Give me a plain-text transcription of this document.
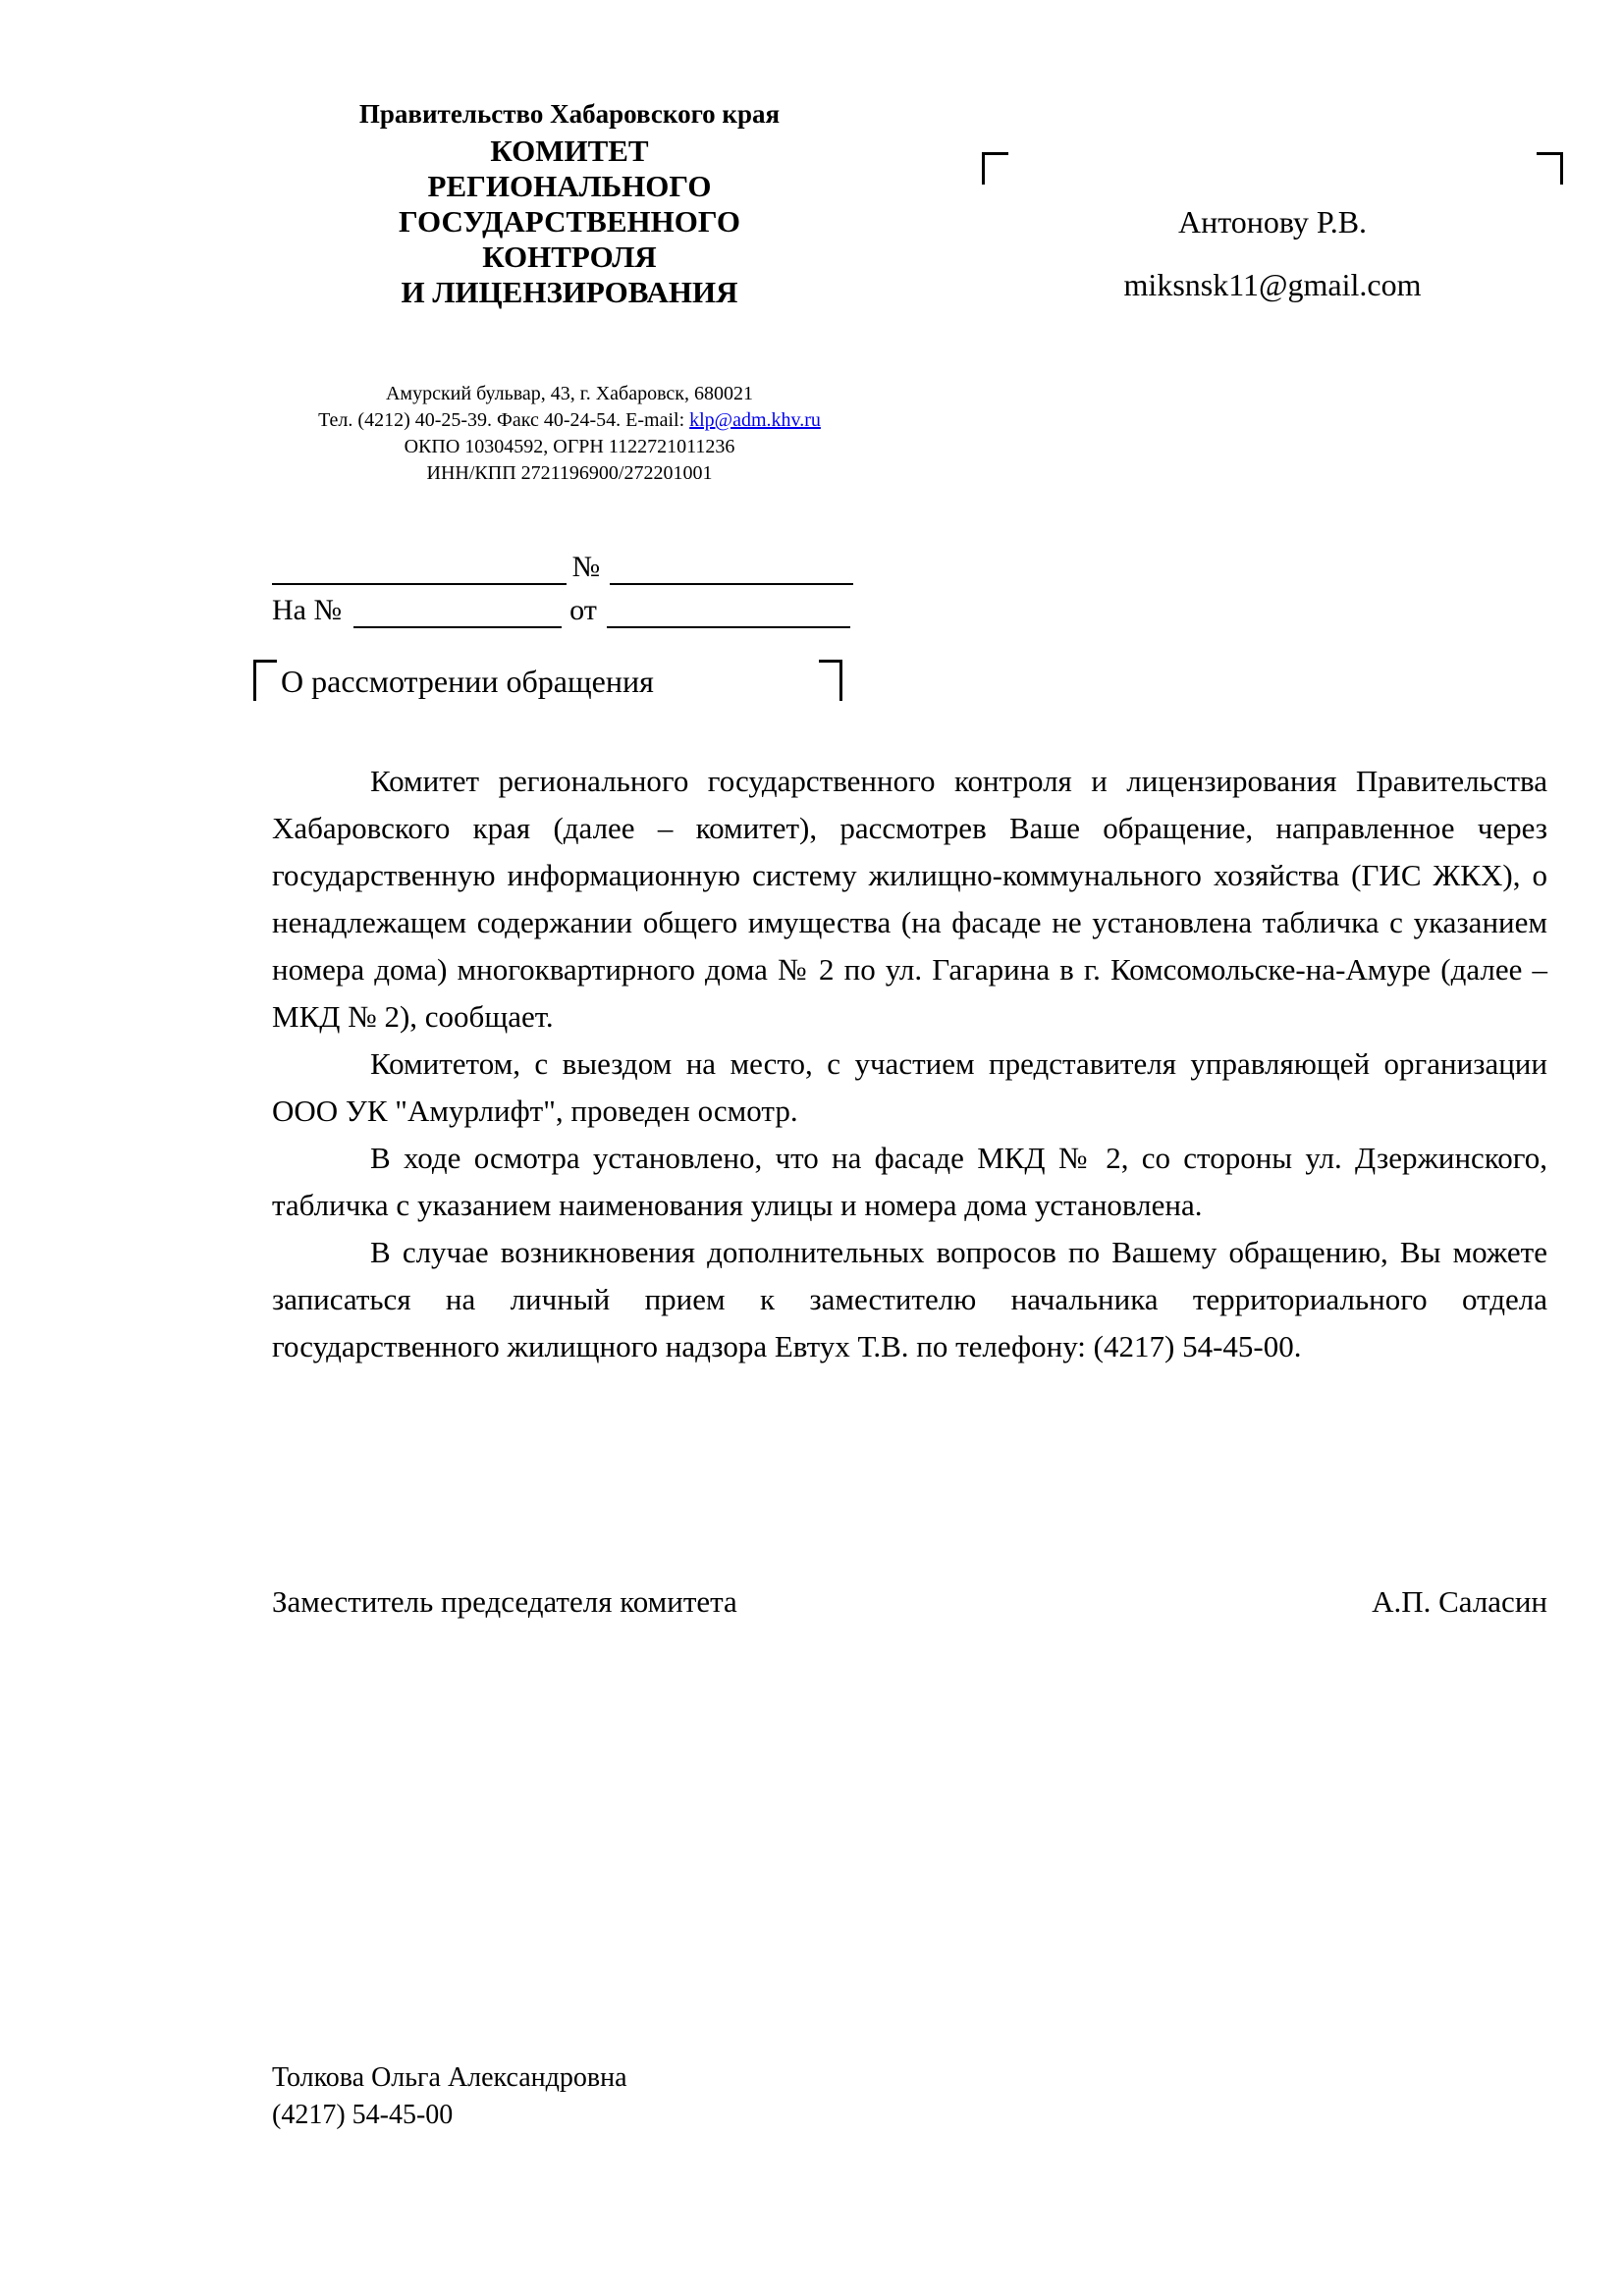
Правительство Хабаровского края
КОМИТЕТ
РЕГИОНАЛЬНОГО
ГОСУДАРСТВЕННОГО
КОНТРОЛЯ
И ЛИЦЕНЗИРОВАНИЯ
Амурский бульвар, 43, г. Хабаровск, 680021
Тел. (4212) 40-25-39. Факс 40-24-54. E-mail: klp@adm.khv.ru
ОКПО 10304592, ОГРН 1122721011236
ИНН/КПП 2721196900/272201001
Антонову Р.В.
miksnsk11@gmail.com
№
На №	от
О рассмотрении обращения

Комитет регионального государственного контроля и лицензирования Правительства Хабаровского края (далее – комитет), рассмотрев Ваше обращение, направленное через государственную информационную систему жилищно-коммунального хозяйства (ГИС ЖКХ), о ненадлежащем содержании общего имущества (на фасаде не установлена табличка с указанием номера дома) многоквартирного дома № 2 по ул. Гагарина в г. Комсомольске-на-Амуре (далее – МКД № 2), сообщает.

Комитетом, с выездом на место, с участием представителя управляющей организации ООО УК "Амурлифт", проведен осмотр.

В ходе осмотра установлено, что на фасаде МКД № 2, со стороны ул. Дзержинского, табличка с указанием наименования улицы и номера дома установлена.

В случае возникновения дополнительных вопросов по Вашему обращению, Вы можете записаться на личный прием к заместителю начальника территориального отдела государственного жилищного надзора Евтух Т.В. по телефону: (4217) 54-45-00.

Заместитель председателя комитета	А.П. Саласин
Толкова Ольга Александровна
(4217) 54-45-00
